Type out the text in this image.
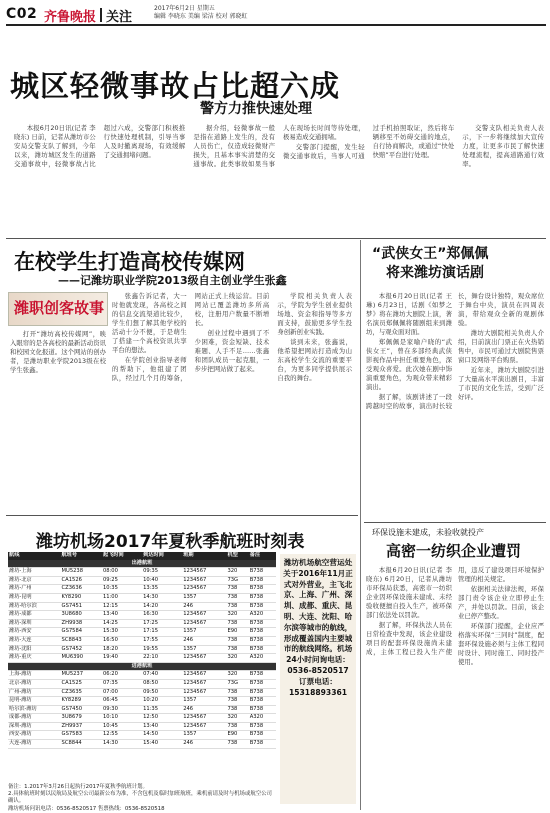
C02 齐鲁晚报 关注
2017年6月2日 星期五
编辑 李晓东 美编 梁洁 校对 郭晓虹
城区轻微事故占比超六成
警方力推快速处理

本报6月20日讯(记者 李晓东) 日前，记者从潍坊市公安局交警支队了解到，今年以来，潍坊城区发生的道路交通事故中，轻微事故占比超过六成，交警部门积极推行快速处理机制，引导当事人及时撤离现场，有效缓解了交通拥堵问题。

据介绍，轻微事故一般是指在道路上发生的，没有人员伤亡，仅造成轻微财产损失，且基本事实清楚的交通事故。此类事故如果当事人在现场长时间等待处理，极易造成交通拥堵。

交警部门提醒，发生轻微交通事故后，当事人可通过手机拍照取证，然后将车辆移至不妨碍交通的地点，自行协商解决，或通过“快处快赔”平台进行处理。

交警支队相关负责人表示，下一步将继续加大宣传力度，让更多市民了解快速处理流程，提高道路通行效率。

在校学生打造高校传媒网
——记潍坊职业学院2013级自主创业学生张鑫
潍职创客故事

打开“潍坊高校传媒网”，映入眼帘的是各高校的最新活动资讯和校园文化报道。这个网站的创办者，是潍坊职业学院2013级在校学生张鑫。

张鑫告诉记者，大一时他就发现，各高校之间的信息交流渠道比较少，学生们想了解其他学校的活动十分不便，于是萌生了搭建一个高校资讯共享平台的想法。

在学院创业指导老师的帮助下，他组建了团队，经过几个月的筹备，网站正式上线运营。目前网站已覆盖潍坊多所高校，注册用户数量不断增长。

创业过程中遇到了不少困难，资金短缺、技术难题、人手不足……张鑫和团队成员一起克服，一步步把网站做了起来。

学院相关负责人表示，学院为学生创业提供场地、资金和指导等多方面支持，鼓励更多学生投身创新创业实践。

谈到未来，张鑫说，他希望把网站打造成为山东高校学生交流的重要平台，为更多同学提供展示自我的舞台。

“武侠女王”郑佩佩
将来潍坊演话剧

本报6月20日讯(记者 王琳) 6月23日，话剧《如梦之梦》将在潍坊大剧院上演，著名演员郑佩佩将随剧组来到潍坊，与观众面对面。

郑佩佩是家喻户晓的“武侠女王”，曾在多部经典武侠影视作品中担任重要角色，深受观众喜爱。此次她在剧中饰演重要角色，为观众带来精彩演出。

据了解，该剧讲述了一段跨越时空的故事，演出时长较长，舞台设计独特，观众席位于舞台中央，演员在四周表演，带给观众全新的观剧体验。

潍坊大剧院相关负责人介绍，目前演出门票正在火热销售中，市民可通过大剧院售票窗口及网络平台购票。

近年来，潍坊大剧院引进了大量高水平演出剧目，丰富了市民的文化生活，受到广泛好评。

环保设施未建成，未验收就投产
高密一纺织企业遭罚

本报6月20日讯(记者 李晓东) 6月20日，记者从潍坊市环保局获悉，高密市一纺织企业因环保设施未建成、未经验收便擅自投入生产，被环保部门依法处以罚款。

据了解，环保执法人员在日常检查中发现，该企业建设项目的配套环保设施尚未建成，主体工程已投入生产使用，违反了建设项目环境保护管理的相关规定。

依据相关法律法规，环保部门责令该企业立即停止生产，并处以罚款。目前，该企业已停产整改。

环保部门提醒，企业应严格落实环保“三同时”制度，配套环保设施必须与主体工程同时设计、同时施工、同时投产使用。

潍坊机场2017年夏秋季航班时刻表
航线	航班号	起飞时间	到达时间	班期	机型	备注
出港航班						
潍坊-上海	MU5238	08:00	09:35	1234567	320	B738
潍坊-北京	CA1526	09:25	10:40	1234567	73G	B738
潍坊-广州	CZ3636	10:35	13:35	1234567	738	B738
潍坊-昆明	KY8290	11:00	14:30	1357	738	B738
潍坊-哈尔滨	GS7451	12:15	14:20	246	738	B738
潍坊-成都	3U8680	13:40	16:30	1234567	320	A320
潍坊-深圳	ZH9938	14:25	17:25	1234567	738	B738
潍坊-西安	GS7584	15:30	17:15	1357	E90	B738
潍坊-大连	SC8843	16:50	17:55	246	738	B738
潍坊-沈阳	GS7452	18:20	19:55	1357	738	B738
潍坊-重庆	MU6390	19:40	22:10	1234567	320	A320
进港航班						
上海-潍坊	MU5237	06:20	07:40	1234567	320	B738
北京-潍坊	CA1525	07:35	08:50	1234567	73G	B738
广州-潍坊	CZ3635	07:00	09:50	1234567	738	B738
昆明-潍坊	KY8289	06:45	10:20	1357	738	B738
哈尔滨-潍坊	GS7450	09:30	11:35	246	738	B738
成都-潍坊	3U8679	10:10	12:50	1234567	320	A320
深圳-潍坊	ZH9937	10:45	13:40	1234567	738	B738
西安-潍坊	GS7583	12:55	14:50	1357	E90	B738
大连-潍坊	SC8844	14:30	15:40	246	738	B738
潍坊机场航空营运处关于2016年11月正式对外营业，主飞北京、上海、广州、深圳、成都、重庆、昆明、大连、沈阳、哈尔滨等城市的航线，形成覆盖国内主要城市的航线网络。机场24小时问询电话：0536-8520517 订票电话：15318893361
备注：1.2017年3月26日起执行2017年夏秋季航班计划。
2.具体航班时刻以民航局及航空公司最新公布为准，不含包机及临时加班航班，乘机前请及时与机场或航空公司确认。
潍坊机场问讯电话：0536-8520517 售票热线：0536-8520518
